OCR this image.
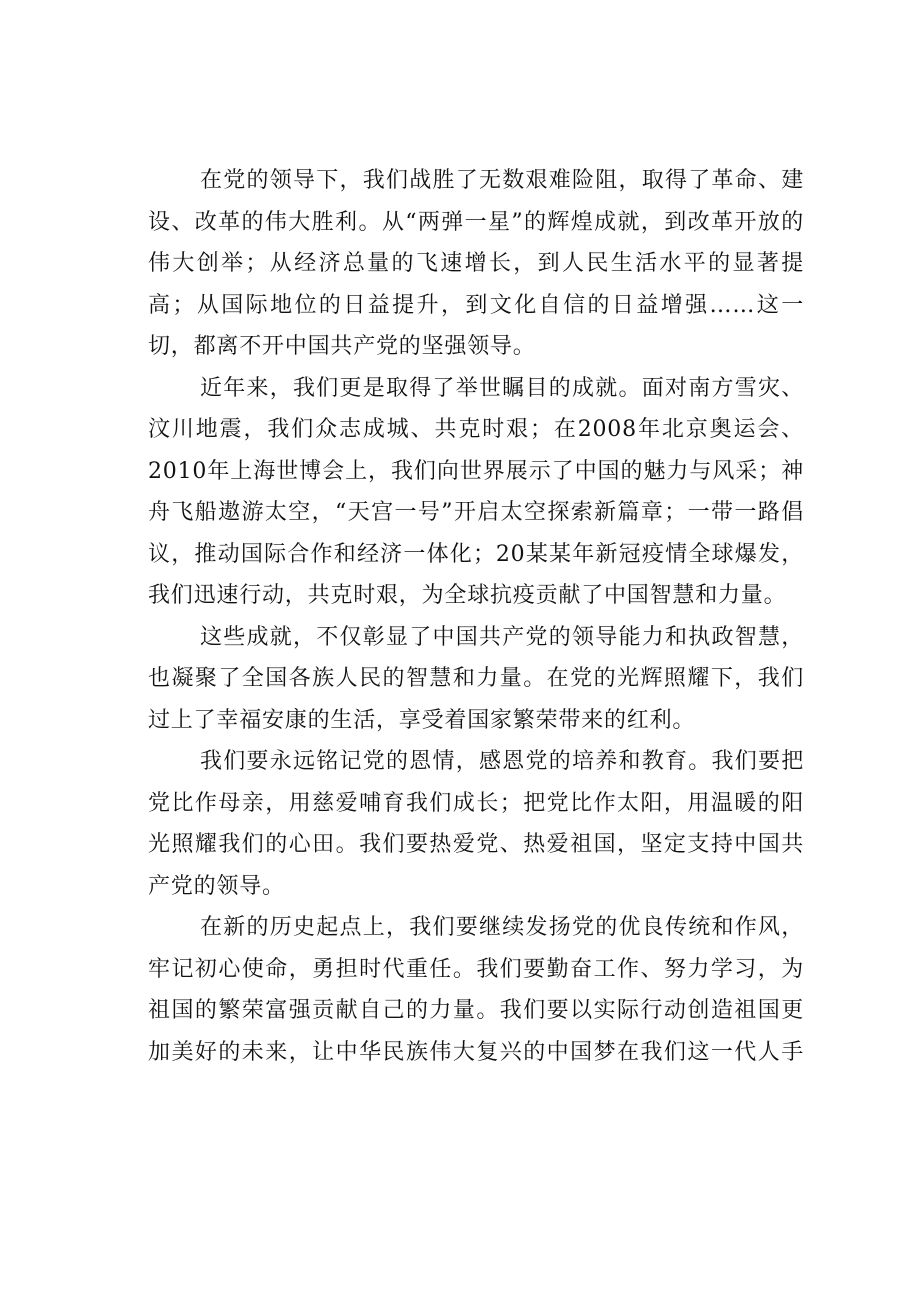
在党的领导下，我们战胜了无数艰难险阻，取得了革命、建设、改革的伟大胜利。从“两弹一星”的辉煌成就，到改革开放的伟大创举；从经济总量的飞速增长，到人民生活水平的显著提高；从国际地位的日益提升，到文化自信的日益增强……这一切，都离不开中国共产党的坚强领导。

近年来，我们更是取得了举世瞩目的成就。面对南方雪灾、汶川地震，我们众志成城、共克时艰；在2008年北京奥运会、2010年上海世博会上，我们向世界展示了中国的魅力与风采；神舟飞船遨游太空，“天宫一号”开启太空探索新篇章；一带一路倡议，推动国际合作和经济一体化；20某某年新冠疫情全球爆发，我们迅速行动，共克时艰，为全球抗疫贡献了中国智慧和力量。

这些成就，不仅彰显了中国共产党的领导能力和执政智慧，也凝聚了全国各族人民的智慧和力量。在党的光辉照耀下，我们过上了幸福安康的生活，享受着国家繁荣带来的红利。

我们要永远铭记党的恩情，感恩党的培养和教育。我们要把党比作母亲，用慈爱哺育我们成长；把党比作太阳，用温暖的阳光照耀我们的心田。我们要热爱党、热爱祖国，坚定支持中国共产党的领导。

在新的历史起点上，我们要继续发扬党的优良传统和作风，牢记初心使命，勇担时代重任。我们要勤奋工作、努力学习，为祖国的繁荣富强贡献自己的力量。我们要以实际行动创造祖国更加美好的未来，让中华民族伟大复兴的中国梦在我们这一代人手
